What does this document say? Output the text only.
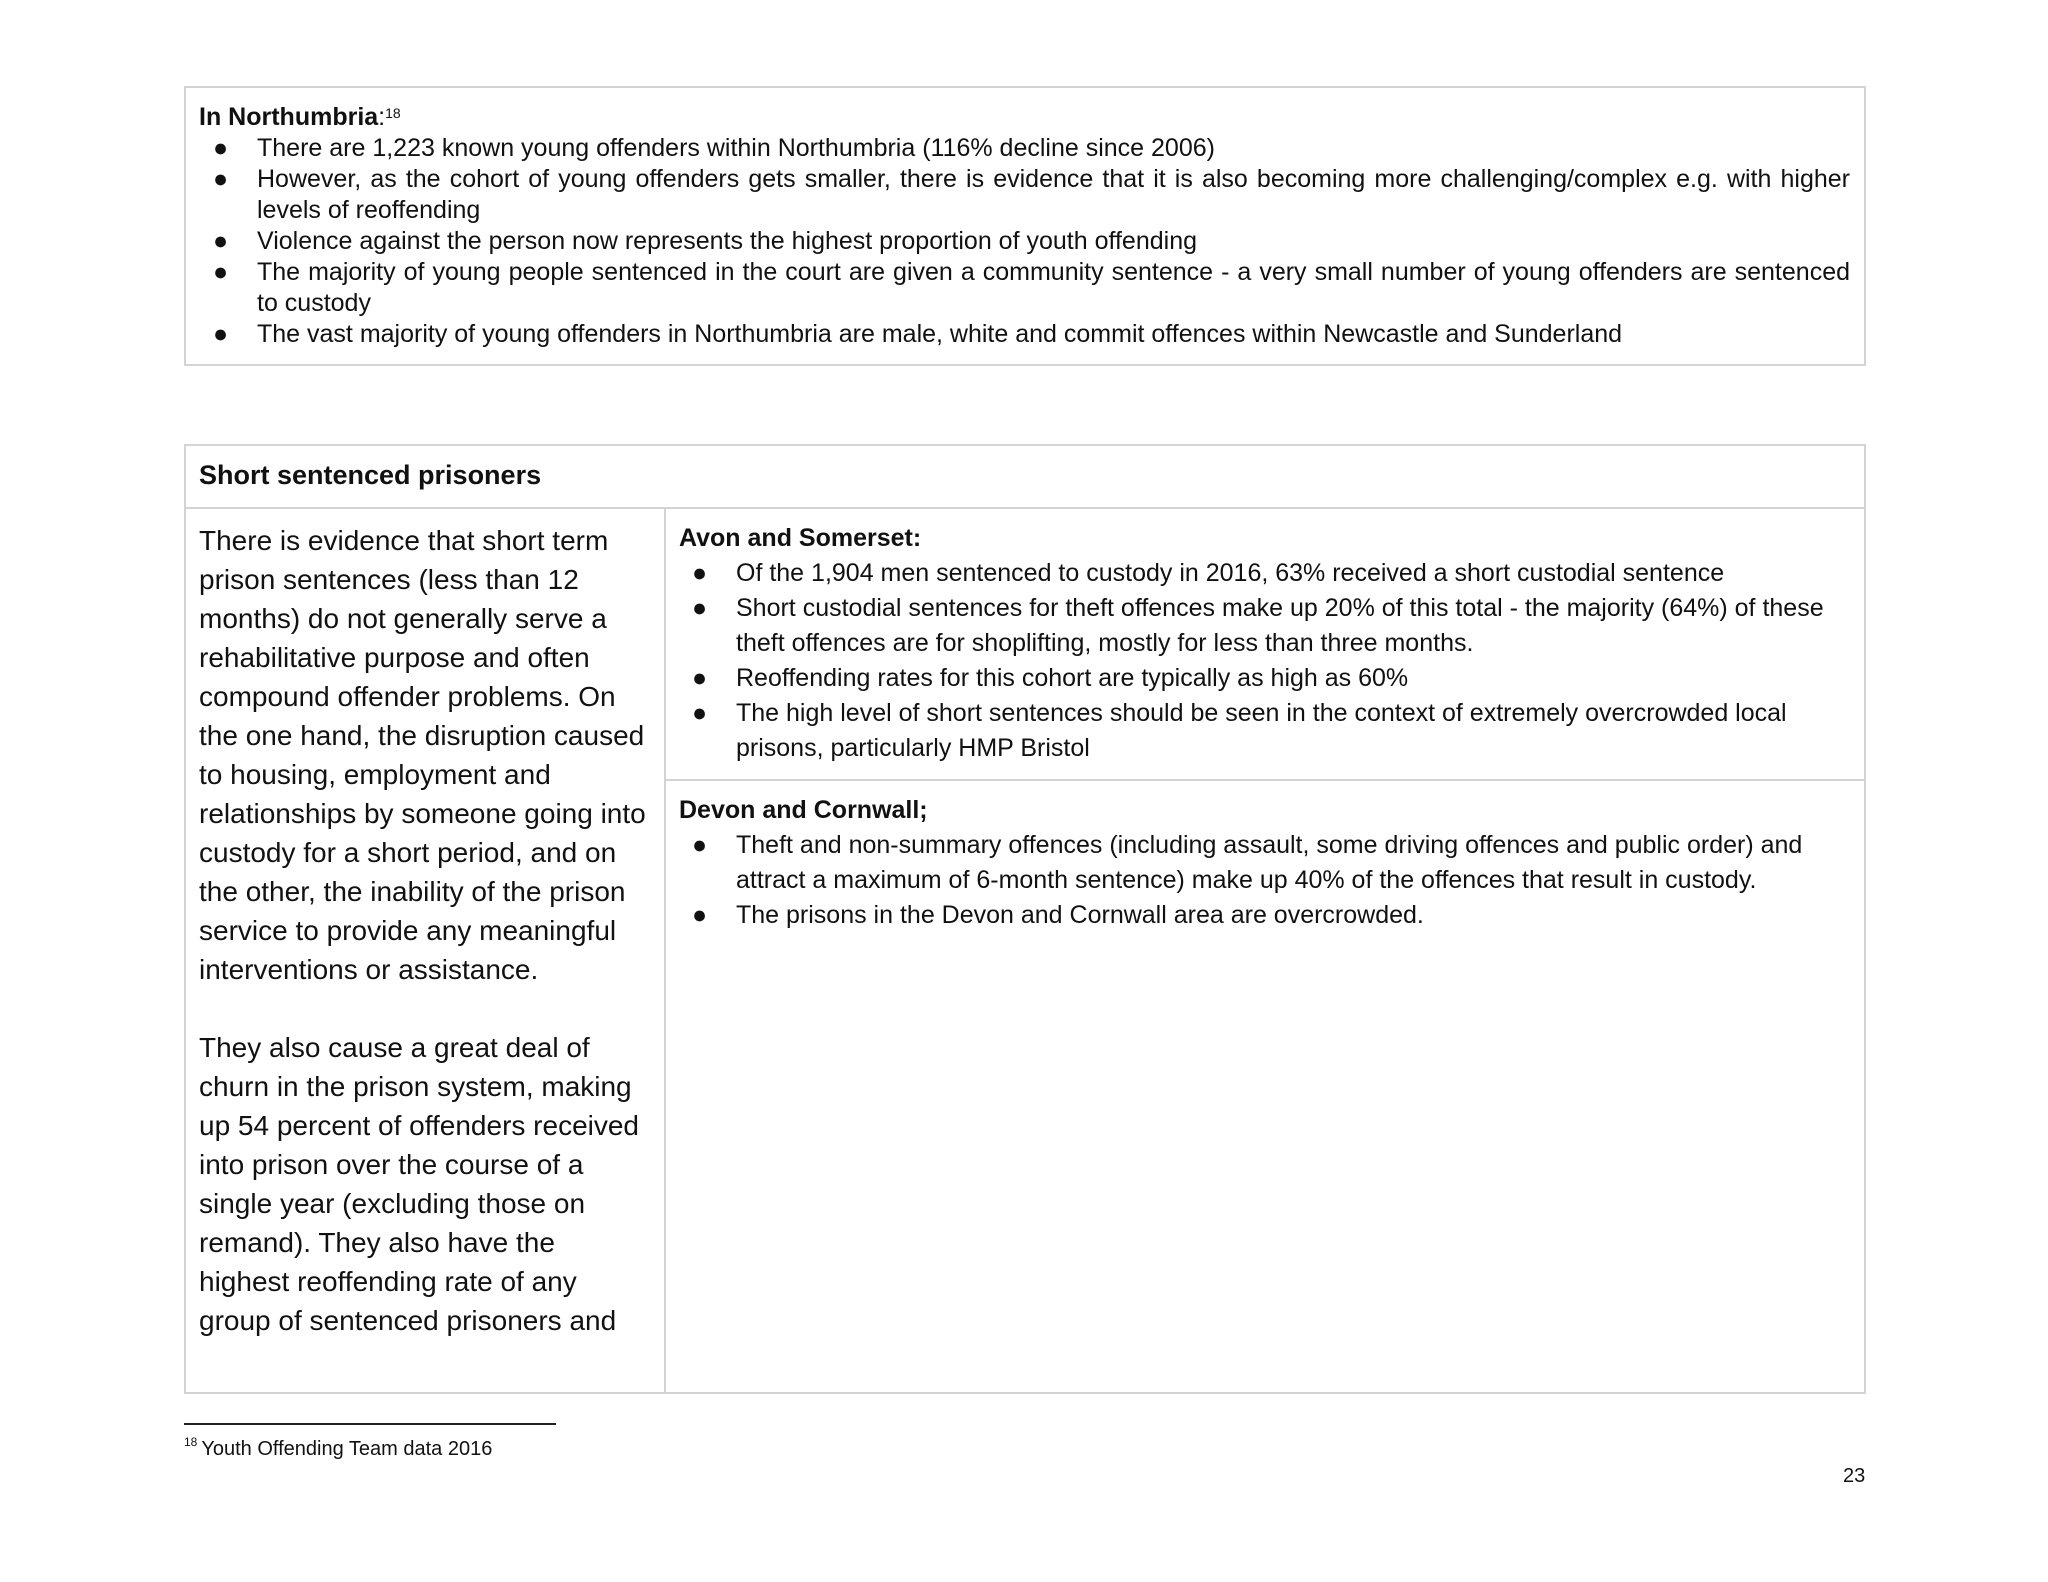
In Northumbria:$^{18}$
● There are 1,223 known young offenders within Northumbria (116% decline since 2006)
● However, as the cohort of young offenders gets smaller, there is evidence that it is also becoming more challenging/complex e.g. with higher levels of reoffending
● Violence against the person now represents the highest proportion of youth offending
● The majority of young people sentenced in the court are given a community sentence - a very small number of young offenders are sentenced to custody
● The vast majority of young offenders in Northumbria are male, white and commit offences within Newcastle and Sunderland
Short sentenced prisoners

There is evidence that short term prison sentences (less than 12 months) do not generally serve a rehabilitative purpose and often compound offender problems. On the one hand, the disruption caused to housing, employment and relationships by someone going into custody for a short period, and on the other, the inability of the prison service to provide any meaningful interventions or assistance.

They also cause a great deal of churn in the prison system, making up 54 percent of offenders received into prison over the course of a single year (excluding those on remand). They also have the highest reoffending rate of any group of sentenced prisoners and

Avon and Somerset:
● Of the 1,904 men sentenced to custody in 2016, 63% received a short custodial sentence
● Short custodial sentences for theft offences make up 20% of this total - the majority (64%) of these theft offences are for shoplifting, mostly for less than three months.
● Reoffending rates for this cohort are typically as high as 60%
● The high level of short sentences should be seen in the context of extremely overcrowded local prisons, particularly HMP Bristol
Devon and Cornwall;
● Theft and non-summary offences (including assault, some driving offences and public order) and attract a maximum of 6-month sentence) make up 40% of the offences that result in custody.
● The prisons in the Devon and Cornwall area are overcrowded.
$^{18}$ Youth Offending Team data 2016
23
